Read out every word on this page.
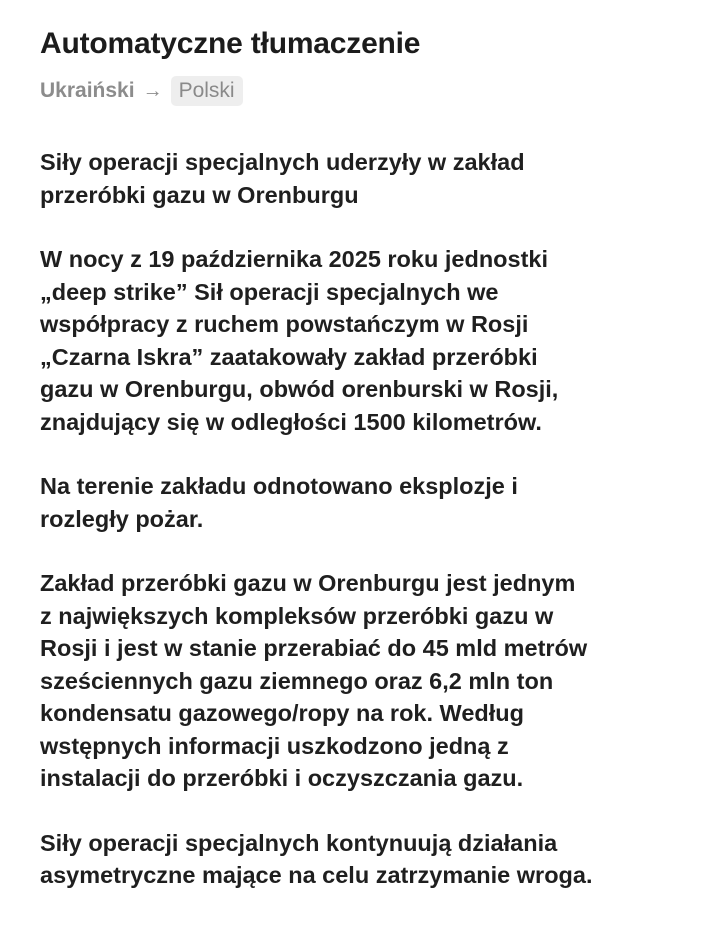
Automatyczne tłumaczenie
Ukraiński → Polski

Siły operacji specjalnych uderzyły w zakład
przeróbki gazu w Orenburgu

W nocy z 19 października 2025 roku jednostki
„deep strike” Sił operacji specjalnych we
współpracy z ruchem powstańczym w Rosji
„Czarna Iskra” zaatakowały zakład przeróbki
gazu w Orenburgu, obwód orenburski w Rosji,
znajdujący się w odległości 1500 kilometrów.

Na terenie zakładu odnotowano eksplozje i
rozległy pożar.

Zakład przeróbki gazu w Orenburgu jest jednym
z największych kompleksów przeróbki gazu w
Rosji i jest w stanie przerabiać do 45 mld metrów
sześciennych gazu ziemnego oraz 6,2 mln ton
kondensatu gazowego/ropy na rok. Według
wstępnych informacji uszkodzono jedną z
instalacji do przeróbki i oczyszczania gazu.

Siły operacji specjalnych kontynuują działania
asymetryczne mające na celu zatrzymanie wroga.
